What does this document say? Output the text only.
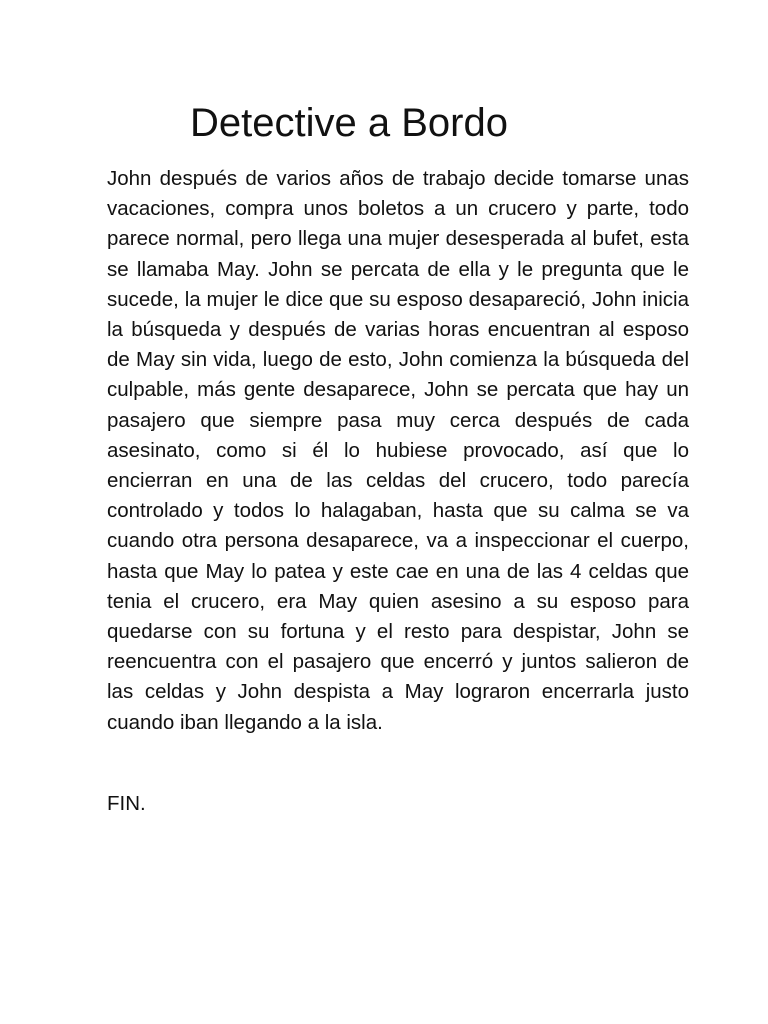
Detective a Bordo

John después de varios años de trabajo decide tomarse unas vacaciones, compra unos boletos a un crucero y parte, todo parece normal, pero llega una mujer desesperada al bufet, esta se llamaba May. John se percata de ella y le pregunta que le sucede, la mujer le dice que su esposo desapareció, John inicia la búsqueda y después de varias horas encuentran al esposo de May sin vida, luego de esto, John comienza la búsqueda del culpable, más gente desaparece, John se percata que hay un pasajero que siempre pasa muy cerca después de cada asesinato, como si él lo hubiese provocado, así que lo encierran en una de las celdas del crucero, todo parecía controlado y todos lo halagaban, hasta que su calma se va cuando otra persona desaparece, va a inspeccionar el cuerpo, hasta que May lo patea y este cae en una de las 4 celdas que tenia el crucero, era May quien asesino a su esposo para quedarse con su fortuna y el resto para despistar, John se reencuentra con el pasajero que encerró y juntos salieron de las celdas y John despista a May lograron encerrarla justo cuando iban llegando a la isla.

FIN.
